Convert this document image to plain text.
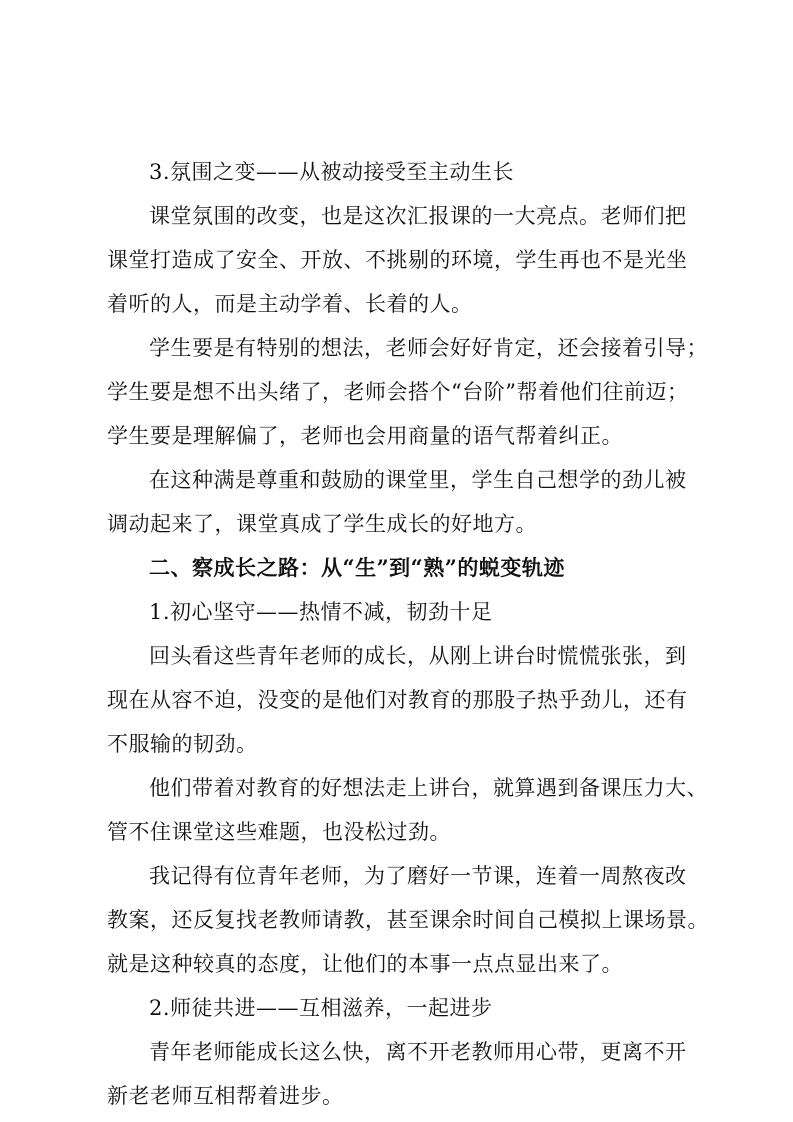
3.氛围之变——从被动接受至主动生长
课堂氛围的改变，也是这次汇报课的一大亮点。老师们把
课堂打造成了安全、开放、不挑剔的环境，学生再也不是光坐
着听的人，而是主动学着、长着的人。
学生要是有特别的想法，老师会好好肯定，还会接着引导；
学生要是想不出头绪了，老师会搭个“台阶”帮着他们往前迈；
学生要是理解偏了，老师也会用商量的语气帮着纠正。
在这种满是尊重和鼓励的课堂里，学生自己想学的劲儿被
调动起来了，课堂真成了学生成长的好地方。
二、察成长之路：从“生”到“熟”的蜕变轨迹
1.初心坚守——热情不减，韧劲十足
回头看这些青年老师的成长，从刚上讲台时慌慌张张，到
现在从容不迫，没变的是他们对教育的那股子热乎劲儿，还有
不服输的韧劲。
他们带着对教育的好想法走上讲台，就算遇到备课压力大、
管不住课堂这些难题，也没松过劲。
我记得有位青年老师，为了磨好一节课，连着一周熬夜改
教案，还反复找老教师请教，甚至课余时间自己模拟上课场景。
就是这种较真的态度，让他们的本事一点点显出来了。
2.师徒共进——互相滋养，一起进步
青年老师能成长这么快，离不开老教师用心带，更离不开
新老老师互相帮着进步。
